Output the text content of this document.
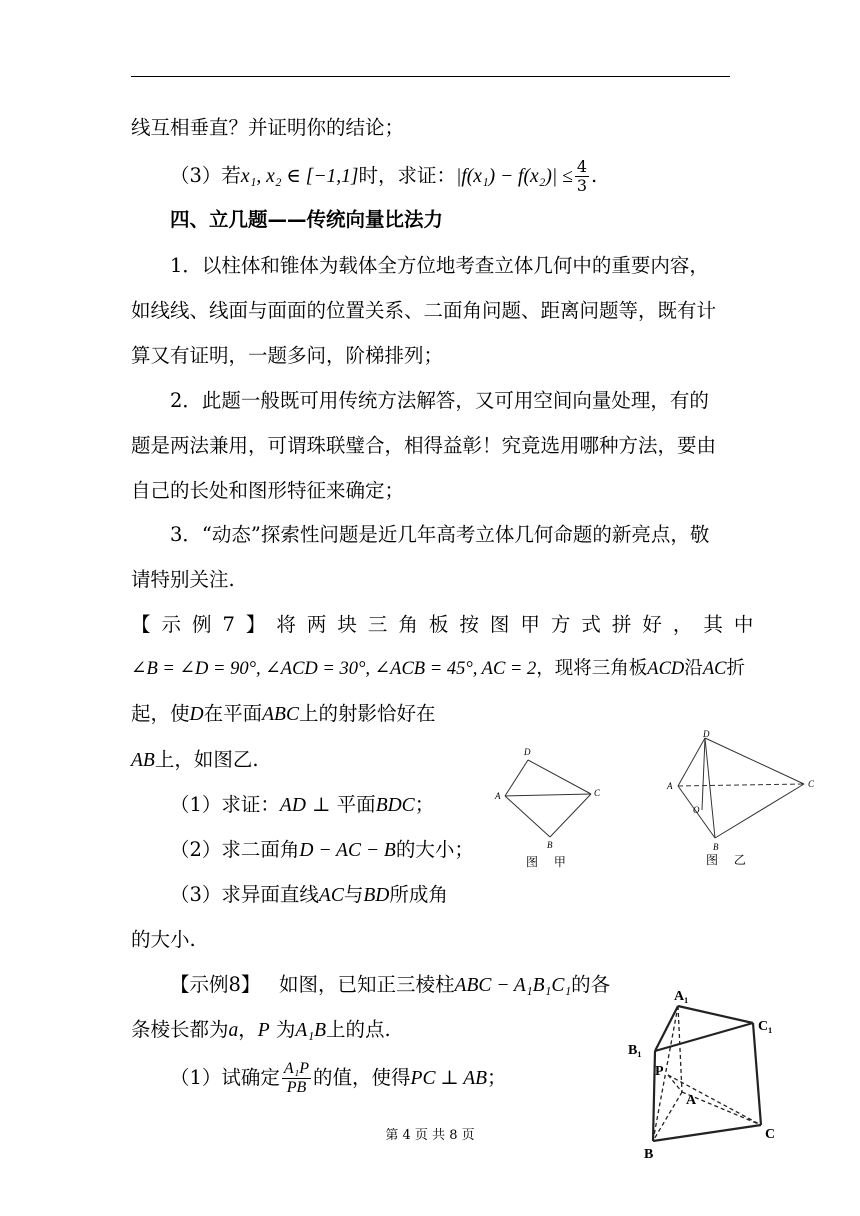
线互相垂直？并证明你的结论；
（3）若x₁, x₂ ∈ [−1,1]时，求证：$|f(x_1) - f(x_2)| \le \frac{4}{3}$ .
四、立几题——传统向量比法力
1．以柱体和锥体为载体全方位地考查立体几何中的重要内容，
如线线、线面与面面的位置关系、二面角问题、距离问题等，既有计
算又有证明，一题多问，阶梯排列；
2．此题一般既可用传统方法解答，又可用空间向量处理，有的
题是两法兼用，可谓珠联璧合，相得益彰！究竟选用哪种方法，要由
自己的长处和图形特征来确定；
3．“动态”探索性问题是近几年高考立体几何命题的新亮点，敬
请特别关注.
【示例7】将两块三角板按图甲方式拼好，其中
∠B = ∠D = 90°, ∠ACD = 30°, ∠ACB = 45°, AC = 2，现将三角板ACD沿AC折
起，使D在平面ABC上的射影恰好在
AB上，如图乙.
（1）求证：AD ⊥ 平面BDC；
（2）求二面角D − AC − B的大小；
（3）求异面直线AC与BD所成角
的大小.
【示例8】 如图，已知正三棱柱ABC − A₁B₁C₁的各
条棱长都为a，P 为A₁B上的点.
（1）试确定 $\frac{\text{A₁P}}{PB}$ 的值，使得PC ⊥ AB；
D
A	C
B
图 甲
D
A	C
O
B
图 乙
A₁
C₁
B₁
P
A
C
B
第 4 页 共 8 页
